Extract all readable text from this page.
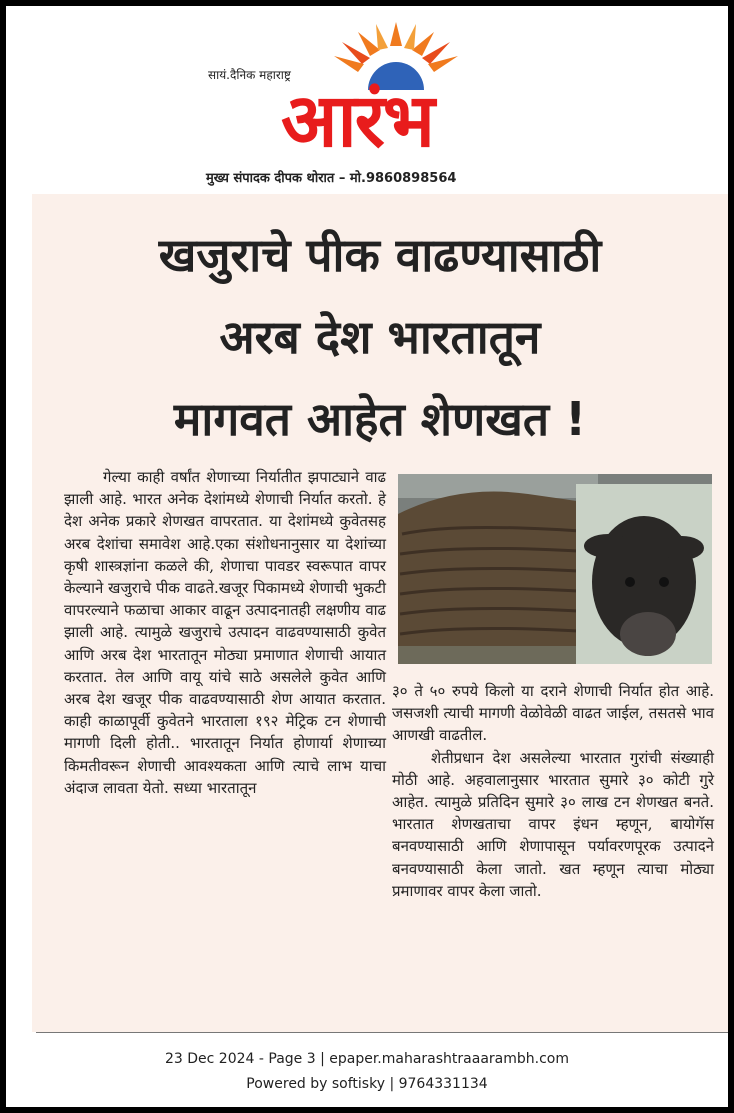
सायं.दैनिक महाराष्ट्र
आरंभ
मुख्य संपादक दीपक थोरात – मो.9860898564
खजुराचे पीक वाढण्यासाठी
अरब देश भारतातून
मागवत आहेत शेणखत !

गेल्या काही वर्षांत शेणाच्या निर्यातीत झपाट्याने वाढ झाली आहे. भारत अनेक देशांमध्ये शेणाची निर्यात करतो. हे देश अनेक प्रकारे शेणखत वापरतात. या देशांमध्ये कुवेतसह अरब देशांचा समावेश आहे.एका संशोधनानुसार या देशांच्या कृषी शास्त्रज्ञांना कळले की, शेणाचा पावडर स्वरूपात वापर केल्याने खजुराचे पीक वाढते.खजूर पिकामध्ये शेणाची भुकटी वापरल्याने फळाचा आकार वाढून उत्पादनातही लक्षणीय वाढ झाली आहे. त्यामुळे खजुराचे उत्पादन वाढवण्यासाठी कुवेत आणि अरब देश भारतातून मोठ्या प्रमाणात शेणाची आयात करतात. तेल आणि वायू यांचे साठे असलेले कुवेत आणि अरब देश खजूर पीक वाढवण्यासाठी शेण आयात करतात. काही काळापूर्वी कुवेतने भारताला १९२ मेट्रिक टन शेणाची मागणी दिली होती.. भारतातून निर्यात होणार्या शेणाच्या किमतीवरून शेणाची आवश्यकता आणि त्याचे लाभ याचा अंदाज लावता येतो. सध्या भारतातून

३० ते ५० रुपये किलो या दराने शेणाची निर्यात होत आहे. जसजशी त्याची मागणी वेळोवेळी वाढत जाईल, तसतसे भाव आणखी वाढतील.

शेतीप्रधान देश असलेल्या भारतात गुरांची संख्याही मोठी आहे. अहवालानुसार भारतात सुमारे ३० कोटी गुरे आहेत. त्यामुळे प्रतिदिन सुमारे ३० लाख टन शेणखत बनते. भारतात शेणखताचा वापर इंधन म्हणून, बायोगॅस बनवण्यासाठी आणि शेणापासून पर्यावरणपूरक उत्पादने बनवण्यासाठी केला जातो. खत म्हणून त्याचा मोठ्या प्रमाणावर वापर केला जातो.

23 Dec 2024 - Page 3 | epaper.maharashtraaarambh.com
Powered by softisky | 9764331134
